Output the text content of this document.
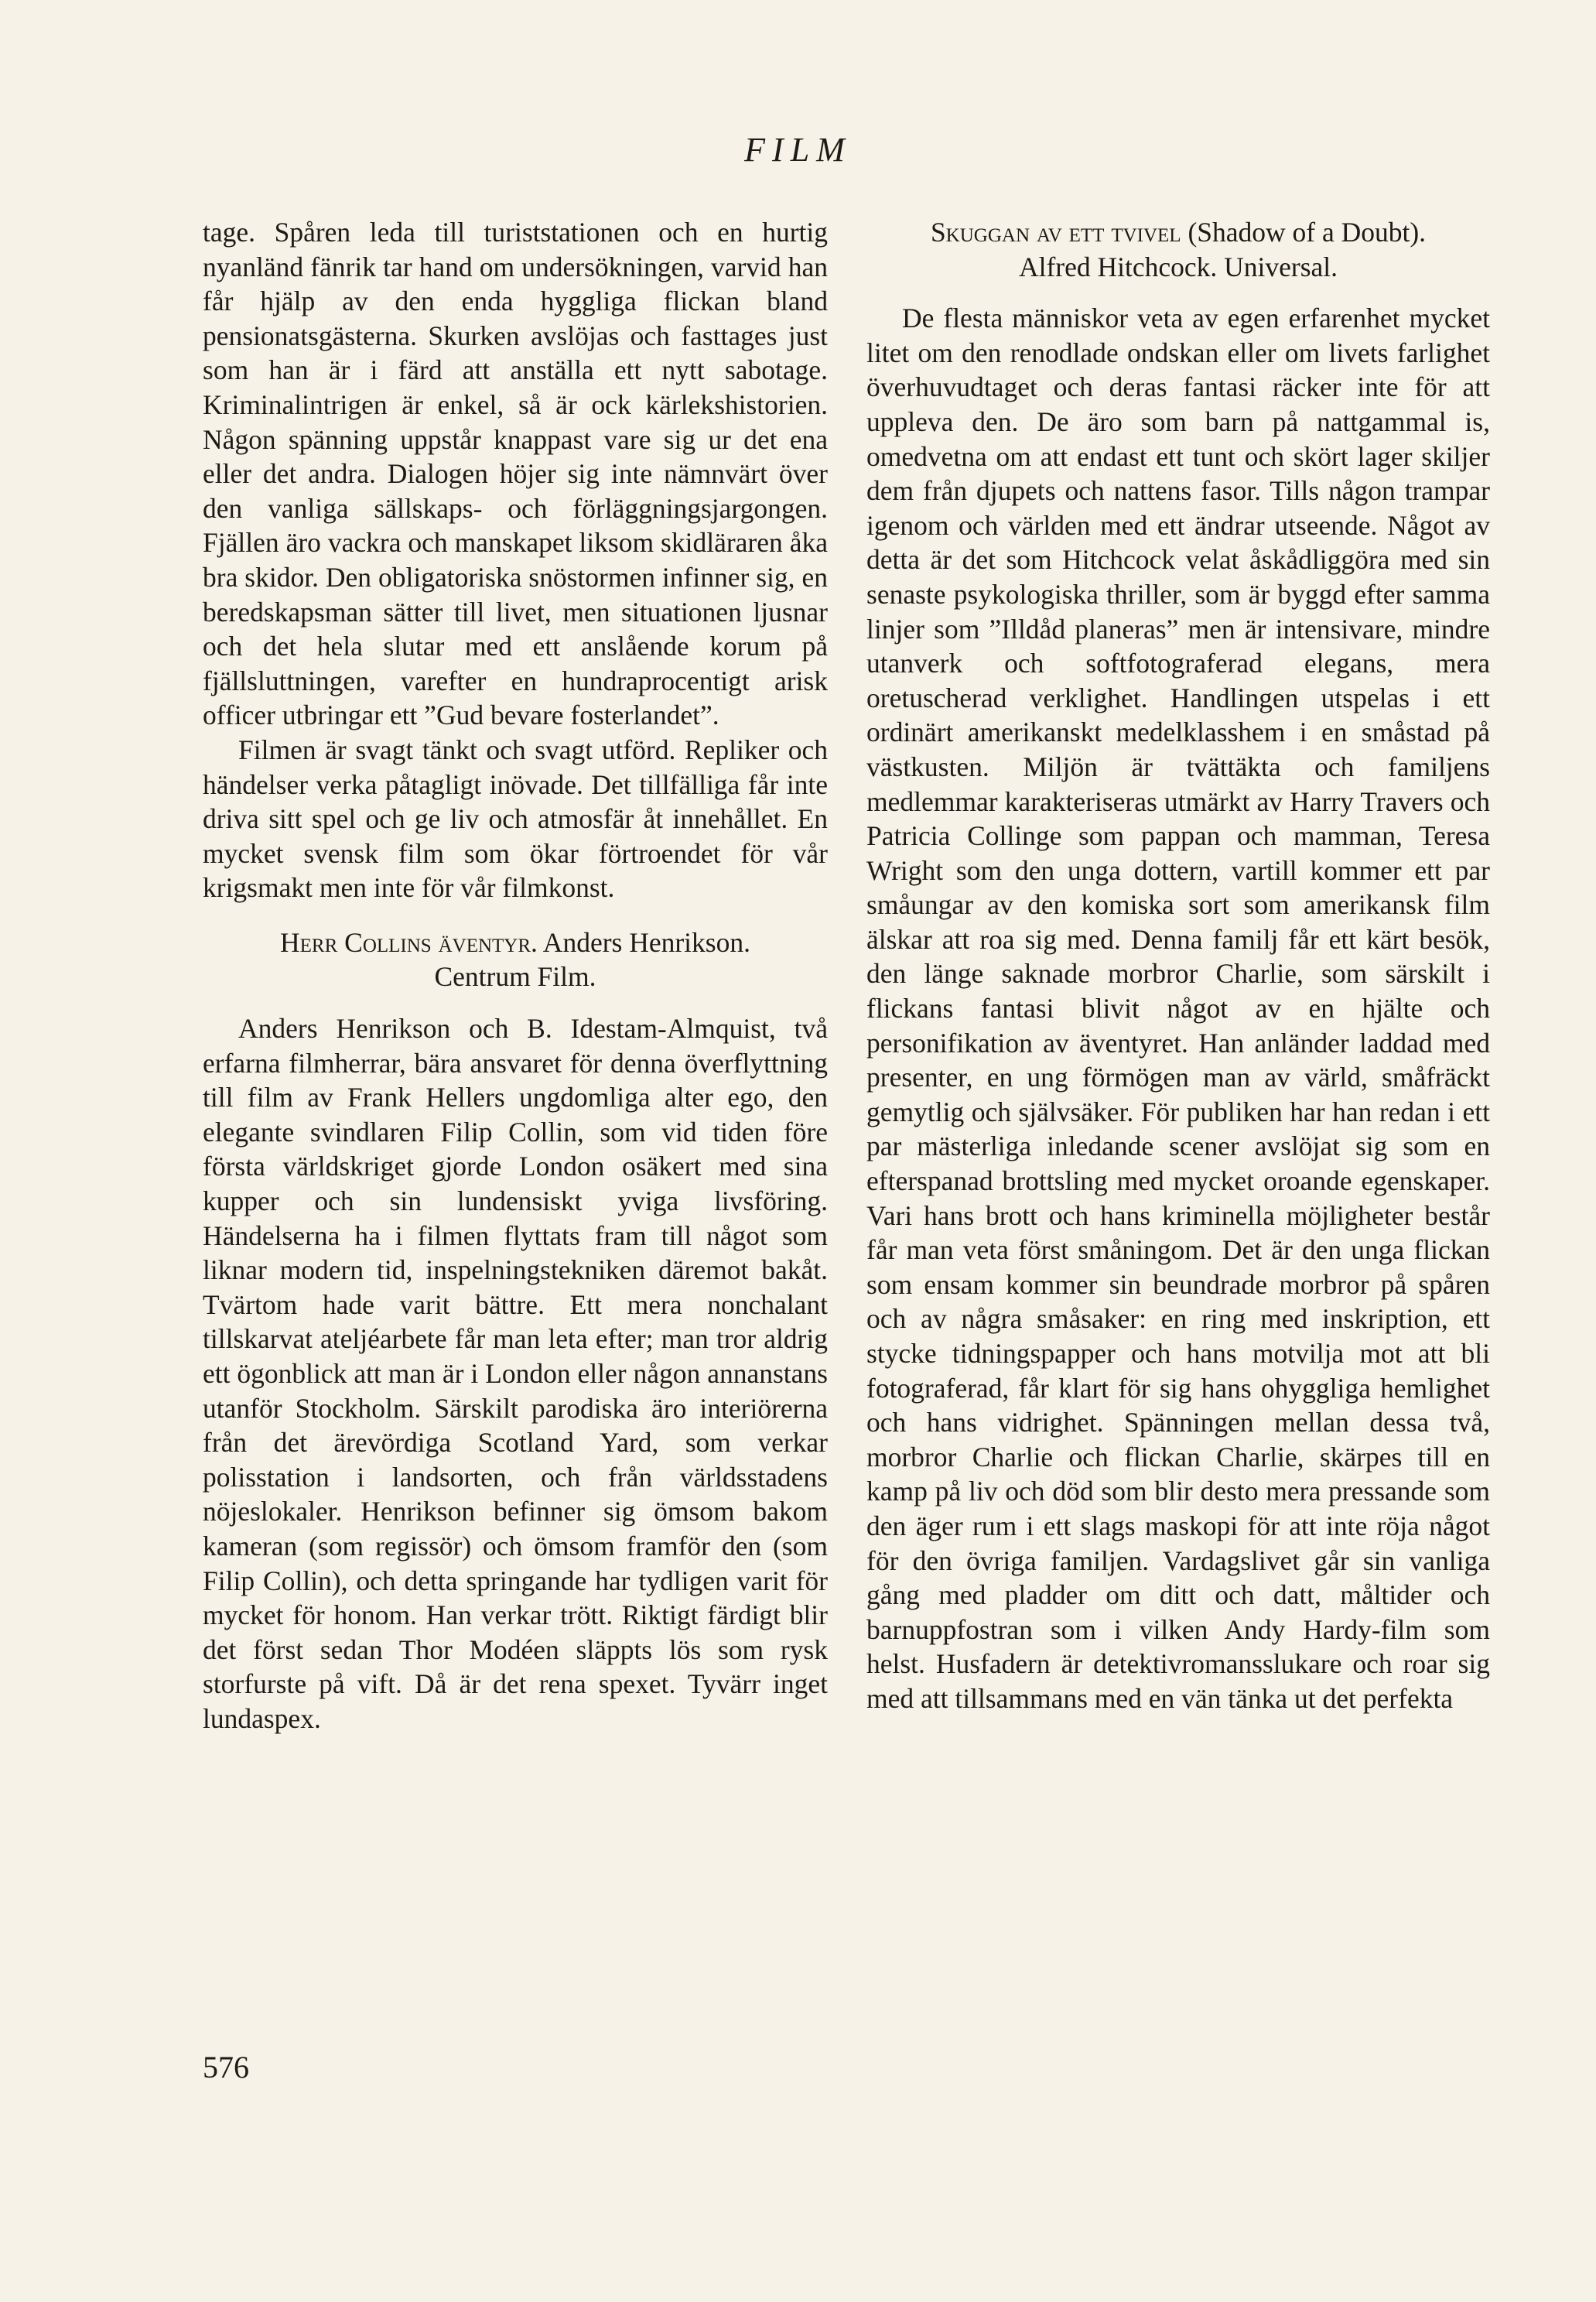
FILM

tage. Spåren leda till turiststationen och en hurtig nyanländ fänrik tar hand om undersökningen, varvid han får hjälp av den enda hyggliga flickan bland pensionatsgästerna. Skurken avslöjas och fasttages just som han är i färd att anställa ett nytt sabotage. Kriminalintrigen är enkel, så är ock kärlekshistorien. Någon spänning uppstår knappast vare sig ur det ena eller det andra. Dialogen höjer sig inte nämnvärt över den vanliga sällskaps- och förläggningsjargongen. Fjällen äro vackra och manskapet liksom skidläraren åka bra skidor. Den obligatoriska snöstormen infinner sig, en beredskapsman sätter till livet, men situationen ljusnar och det hela slutar med ett anslående korum på fjällsluttningen, varefter en hundraprocentigt arisk officer utbringar ett ”Gud bevare fosterlandet”.

Filmen är svagt tänkt och svagt utförd. Repliker och händelser verka påtagligt inövade. Det tillfälliga får inte driva sitt spel och ge liv och atmosfär åt innehållet. En mycket svensk film som ökar förtroendet för vår krigsmakt men inte för vår filmkonst.

Herr Collins äventyr. Anders Henrikson.
Centrum Film.

Anders Henrikson och B. Idestam-Almquist, två erfarna filmherrar, bära ansvaret för denna överflyttning till film av Frank Hellers ungdomliga alter ego, den elegante svindlaren Filip Collin, som vid tiden före första världskriget gjorde London osäkert med sina kupper och sin lundensiskt yviga livsföring. Händelserna ha i filmen flyttats fram till något som liknar modern tid, inspelningstekniken däremot bakåt. Tvärtom hade varit bättre. Ett mera nonchalant tillskarvat ateljéarbete får man leta efter; man tror aldrig ett ögonblick att man är i London eller någon annanstans utanför Stockholm. Särskilt parodiska äro interiörerna från det ärevördiga Scotland Yard, som verkar polisstation i landsorten, och från världsstadens nöjeslokaler. Henrikson befinner sig ömsom bakom kameran (som regissör) och ömsom framför den (som Filip Collin), och detta springande har tydligen varit för mycket för honom. Han verkar trött. Riktigt färdigt blir det först sedan Thor Modéen släppts lös som rysk storfurste på vift. Då är det rena spexet. Tyvärr inget lundaspex.

Skuggan av ett tvivel (Shadow of a Doubt).
Alfred Hitchcock. Universal.

De flesta människor veta av egen erfarenhet mycket litet om den renodlade ondskan eller om livets farlighet överhuvudtaget och deras fantasi räcker inte för att uppleva den. De äro som barn på nattgammal is, omedvetna om att endast ett tunt och skört lager skiljer dem från djupets och nattens fasor. Tills någon trampar igenom och världen med ett ändrar utseende. Något av detta är det som Hitchcock velat åskådliggöra med sin senaste psykologiska thriller, som är byggd efter samma linjer som ”Illdåd planeras” men är intensivare, mindre utanverk och softfotograferad elegans, mera oretuscherad verklighet. Handlingen utspelas i ett ordinärt amerikanskt medelklasshem i en småstad på västkusten. Miljön är tvättäkta och familjens medlemmar karakteriseras utmärkt av Harry Travers och Patricia Collinge som pappan och mamman, Teresa Wright som den unga dottern, vartill kommer ett par småungar av den komiska sort som amerikansk film älskar att roa sig med. Denna familj får ett kärt besök, den länge saknade morbror Charlie, som särskilt i flickans fantasi blivit något av en hjälte och personifikation av äventyret. Han anländer laddad med presenter, en ung förmögen man av värld, småfräckt gemytlig och självsäker. För publiken har han redan i ett par mästerliga inledande scener avslöjat sig som en efterspanad brottsling med mycket oroande egenskaper. Vari hans brott och hans kriminella möjligheter består får man veta först småningom. Det är den unga flickan som ensam kommer sin beundrade morbror på spåren och av några småsaker: en ring med inskription, ett stycke tidningspapper och hans motvilja mot att bli fotograferad, får klart för sig hans ohyggliga hemlighet och hans vidrighet. Spänningen mellan dessa två, morbror Charlie och flickan Charlie, skärpes till en kamp på liv och död som blir desto mera pressande som den äger rum i ett slags maskopi för att inte röja något för den övriga familjen. Vardagslivet går sin vanliga gång med pladder om ditt och datt, måltider och barnuppfostran som i vilken Andy Hardy-film som helst. Husfadern är detektivromansslukare och roar sig med att tillsammans med en vän tänka ut det perfekta

576
